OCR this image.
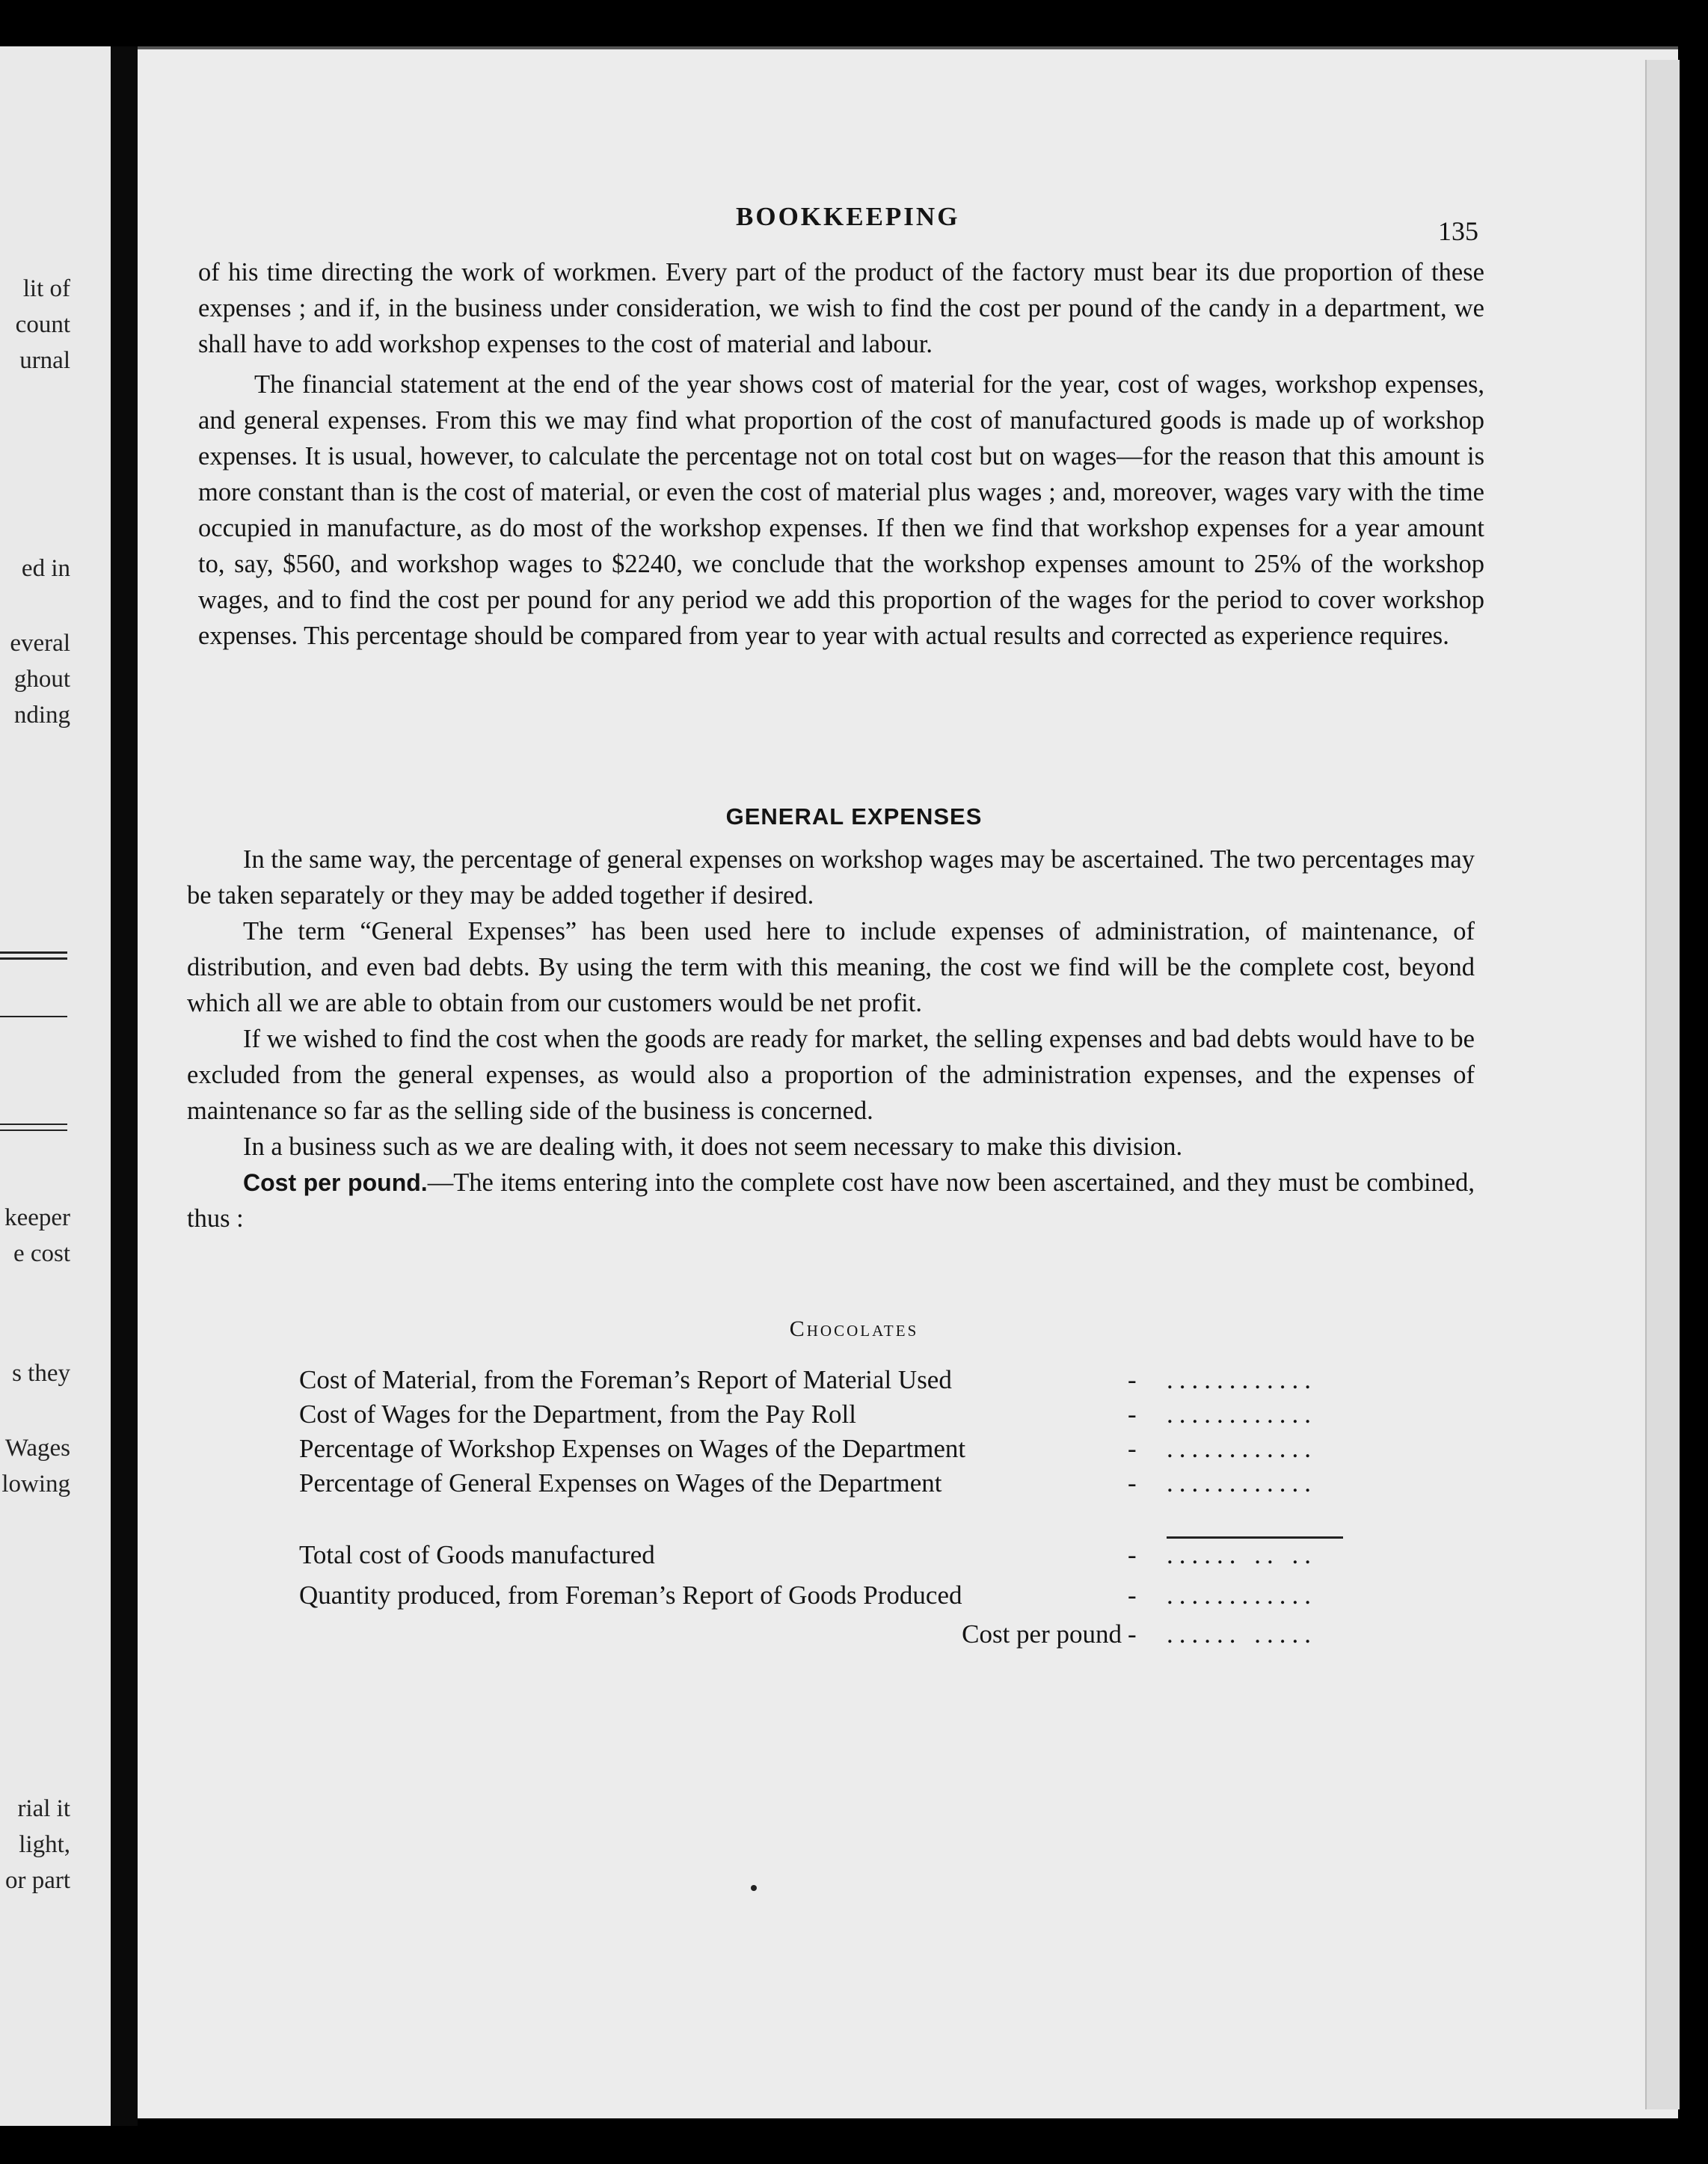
lit of
count
urnal
ed in
everal
ghout
nding
keeper
e cost
s they
Wages
lowing
rial it
light,
or part
BOOKKEEPING	135

of his time directing the work of workmen. Every part of the product of the factory must bear its due proportion of these expenses ; and if, in the business under consideration, we wish to find the cost per pound of the candy in a department, we shall have to add workshop expenses to the cost of material and labour.

The financial statement at the end of the year shows cost of material for the year, cost of wages, workshop expenses, and general expenses. From this we may find what proportion of the cost of manufactured goods is made up of workshop expenses. It is usual, however, to calculate the percentage not on total cost but on wages—for the reason that this amount is more constant than is the cost of material, or even the cost of material plus wages ; and, moreover, wages vary with the time occupied in manufacture, as do most of the workshop expenses. If then we find that workshop expenses for a year amount to, say, $560, and workshop wages to $2240, we conclude that the workshop expenses amount to 25% of the workshop wages, and to find the cost per pound for any period we add this proportion of the wages for the period to cover workshop expenses. This percentage should be compared from year to year with actual results and corrected as experience requires.

GENERAL EXPENSES

In the same way, the percentage of general expenses on workshop wages may be ascertained. The two percentages may be taken separately or they may be added together if desired.

The term “General Expenses” has been used here to include expenses of administration, of maintenance, of distribution, and even bad debts. By using the term with this meaning, the cost we find will be the complete cost, beyond which all we are able to obtain from our customers would be net profit.

If we wished to find the cost when the goods are ready for market, the selling expenses and bad debts would have to be excluded from the general expenses, as would also a proportion of the administration expenses, and the expenses of maintenance so far as the selling side of the business is concerned.

In a business such as we are dealing with, it does not seem necessary to make this division.

Cost per pound.—The items entering into the complete cost have now been ascertained, and they must be combined, thus :

Chocolates
Cost of Material, from the Foreman’s Report of Material Used	- ............
Cost of Wages for the Department, from the Pay Roll	- ............
Percentage of Workshop Expenses on Wages of the Department	- ............
Percentage of General Expenses on Wages of the Department	- ............
Total cost of Goods manufactured	- ...... .. ..
Quantity produced, from Foreman’s Report of Goods Produced	- ............
Cost per pound - ...... .....
